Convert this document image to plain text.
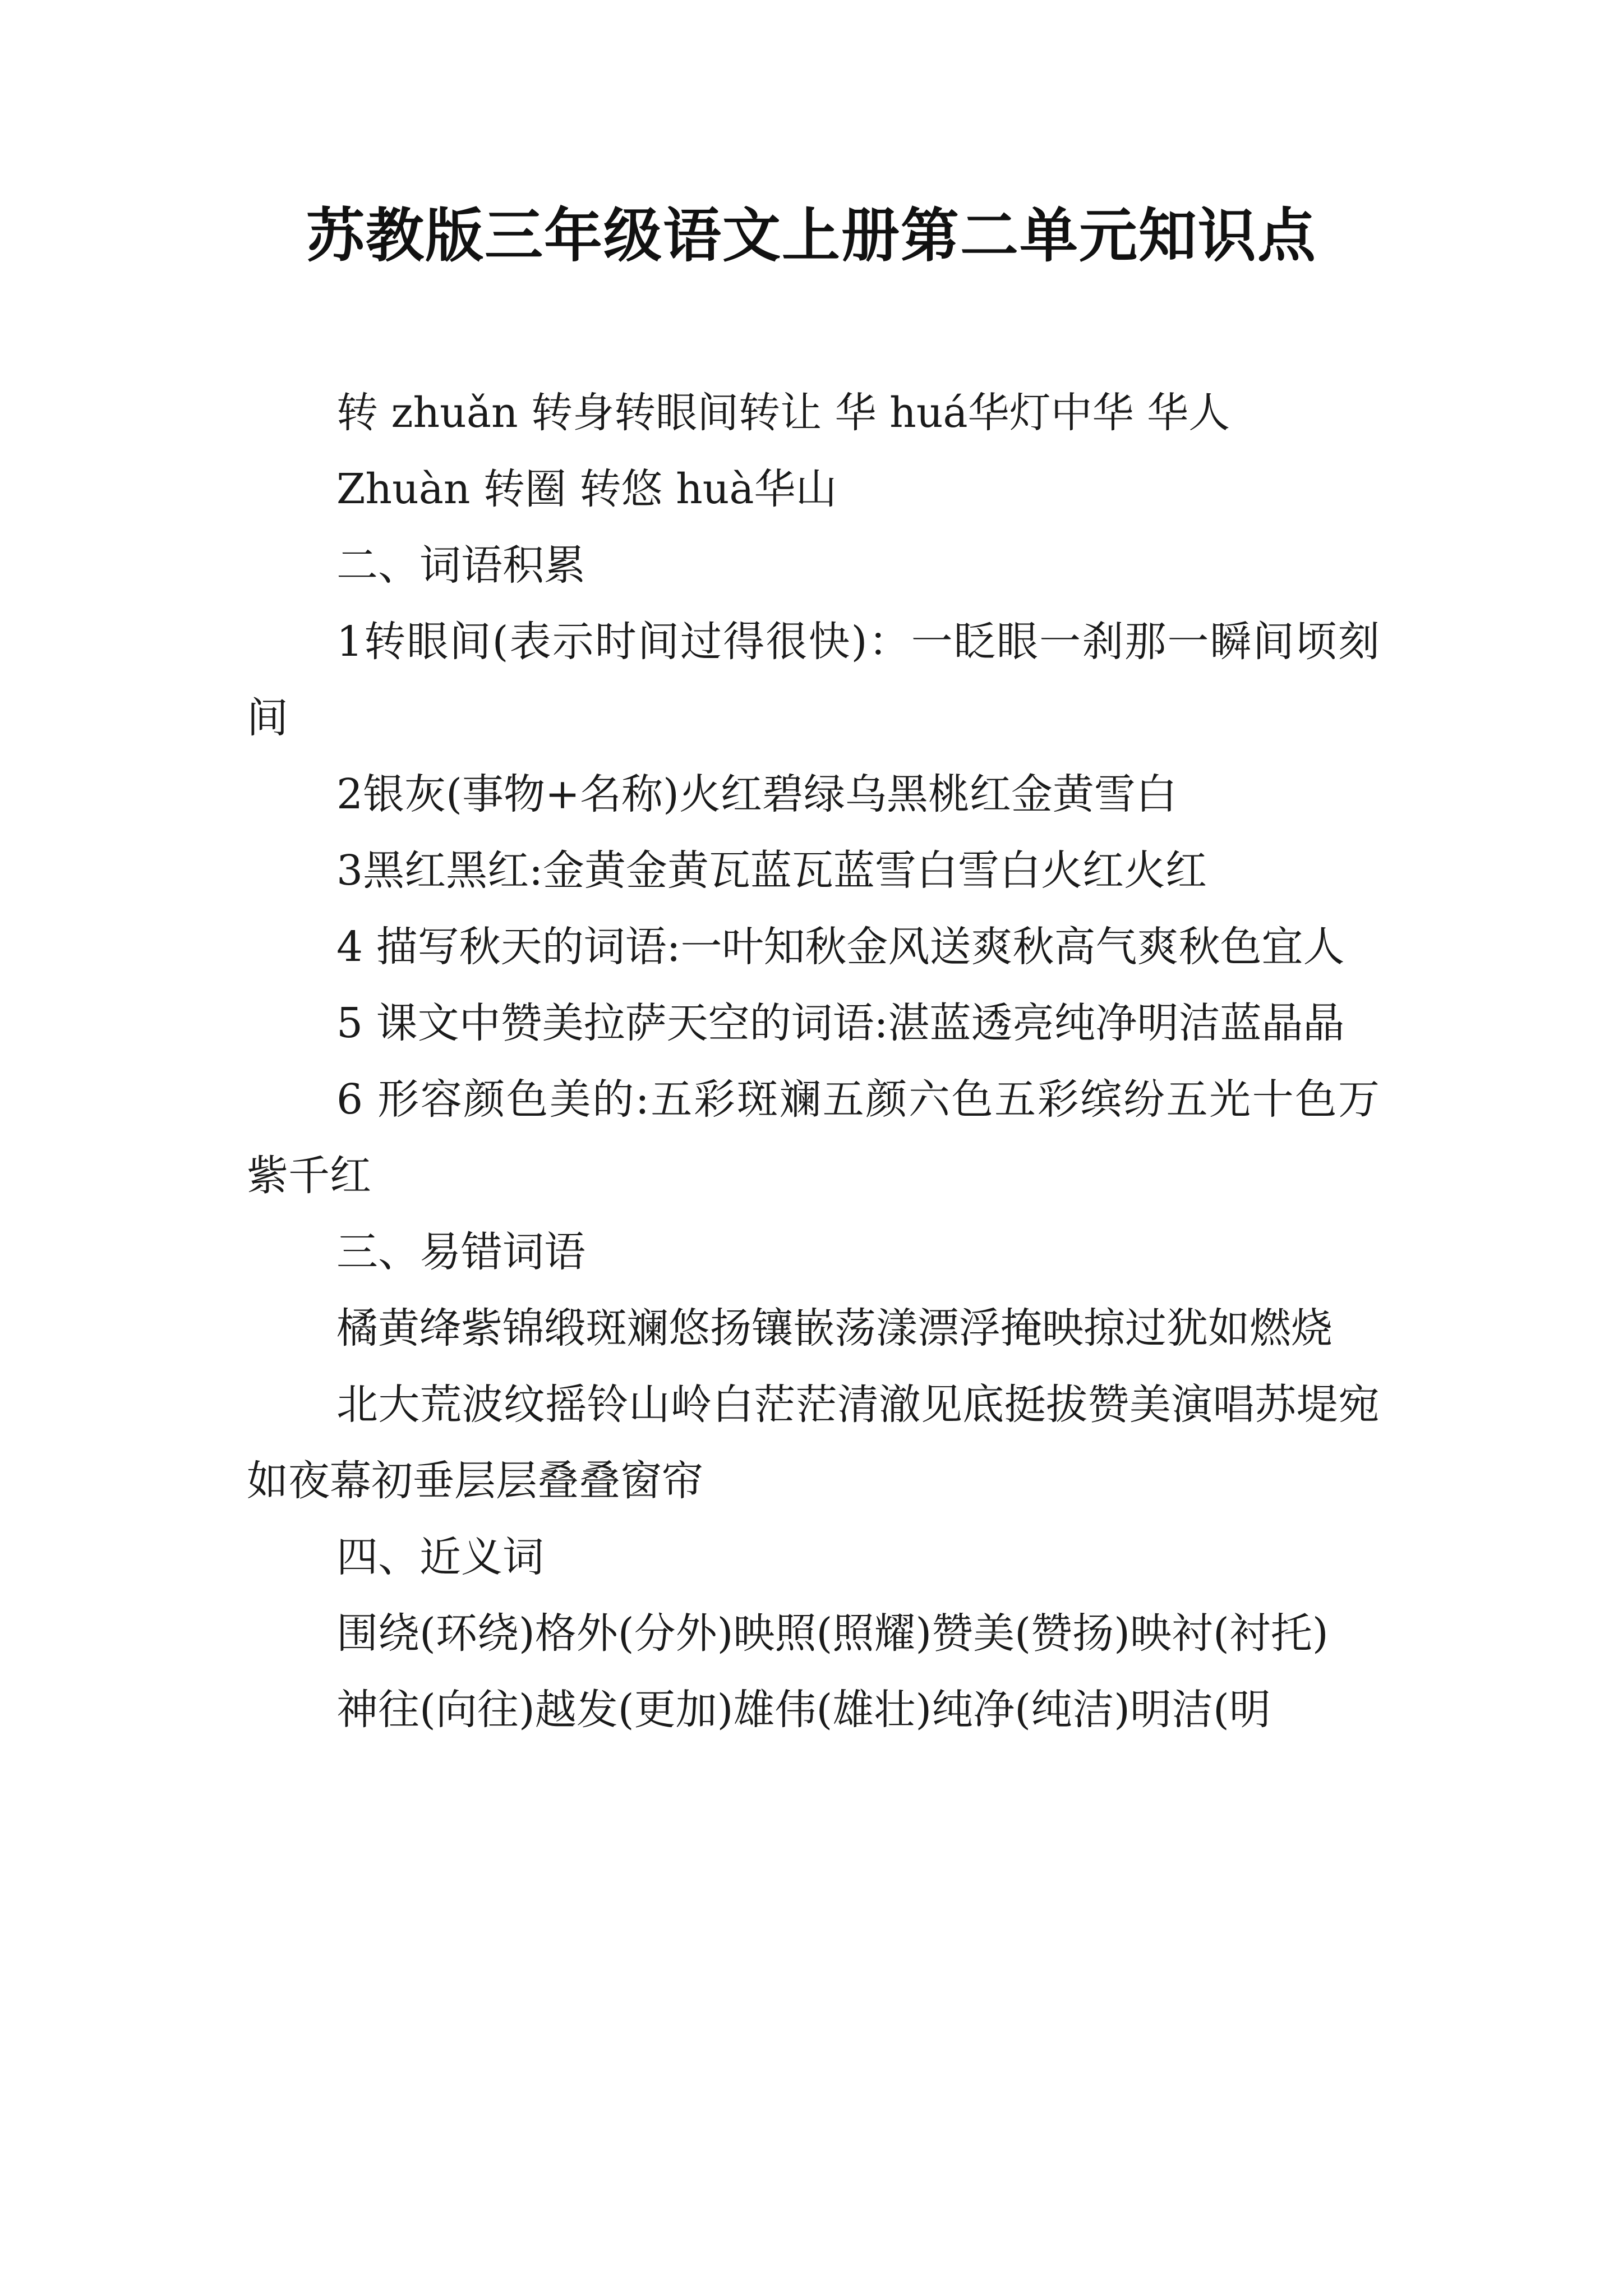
苏教版三年级语文上册第二单元知识点

转 zhuǎn 转身转眼间转让 华 huá华灯中华 华人

Zhuàn 转圈 转悠 huà华山

二、词语积累

1转眼间(表示时间过得很快)：一眨眼一刹那一瞬间顷刻间

2银灰(事物+名称)火红碧绿乌黑桃红金黄雪白

3黑红黑红:金黄金黄瓦蓝瓦蓝雪白雪白火红火红

4 描写秋天的词语:一叶知秋金风送爽秋高气爽秋色宜人

5 课文中赞美拉萨天空的词语:湛蓝透亮纯净明洁蓝晶晶

6 形容颜色美的:五彩斑斓五颜六色五彩缤纷五光十色万紫千红

三、易错词语

橘黄绛紫锦缎斑斓悠扬镶嵌荡漾漂浮掩映掠过犹如燃烧

北大荒波纹摇铃山岭白茫茫清澈见底挺拔赞美演唱苏堤宛如夜幕初垂层层叠叠窗帘

四、近义词

围绕(环绕)格外(分外)映照(照耀)赞美(赞扬)映衬(衬托)

神往(向往)越发(更加)雄伟(雄壮)纯净(纯洁)明洁(明
